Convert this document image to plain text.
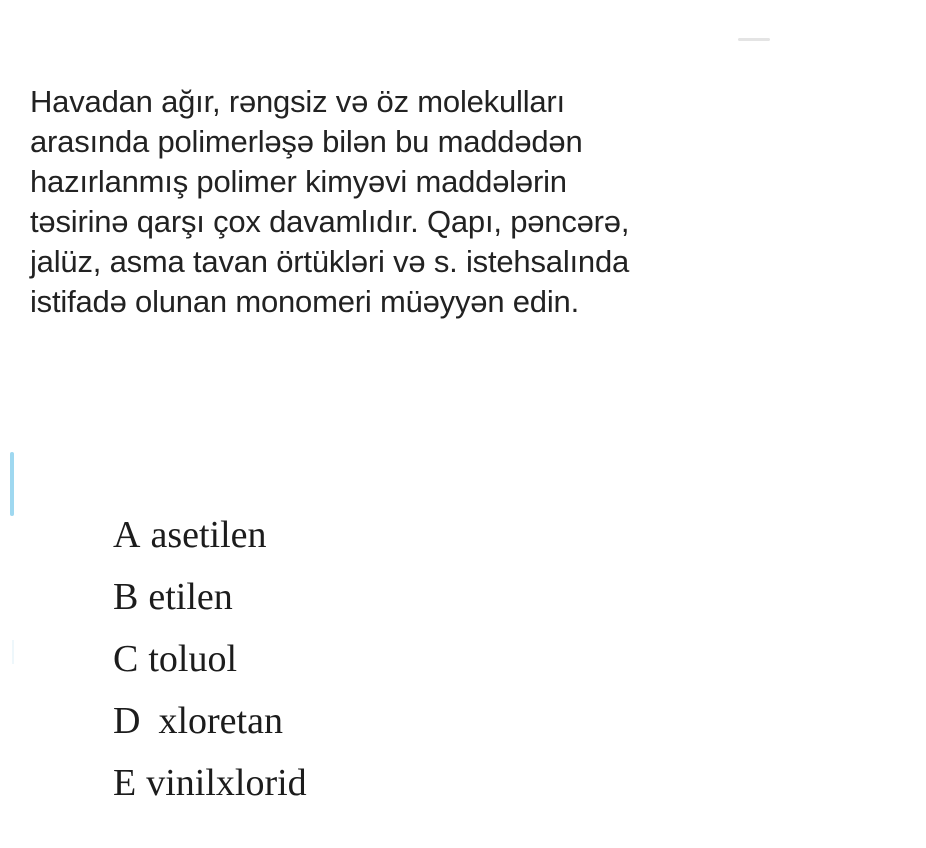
Havadan ağır, rəngsiz və öz molekulları
arasında polimerləşə bilən bu maddədən
hazırlanmış polimer kimyəvi maddələrin
təsirinə qarşı çox davamlıdır. Qapı, pəncərə,
jalüz, asma tavan örtükləri və s. istehsalında
istifadə olunan monomeri müəyyən edin.
A asetilen
B etilen
C toluol
D xloretan
E vinilxlorid
